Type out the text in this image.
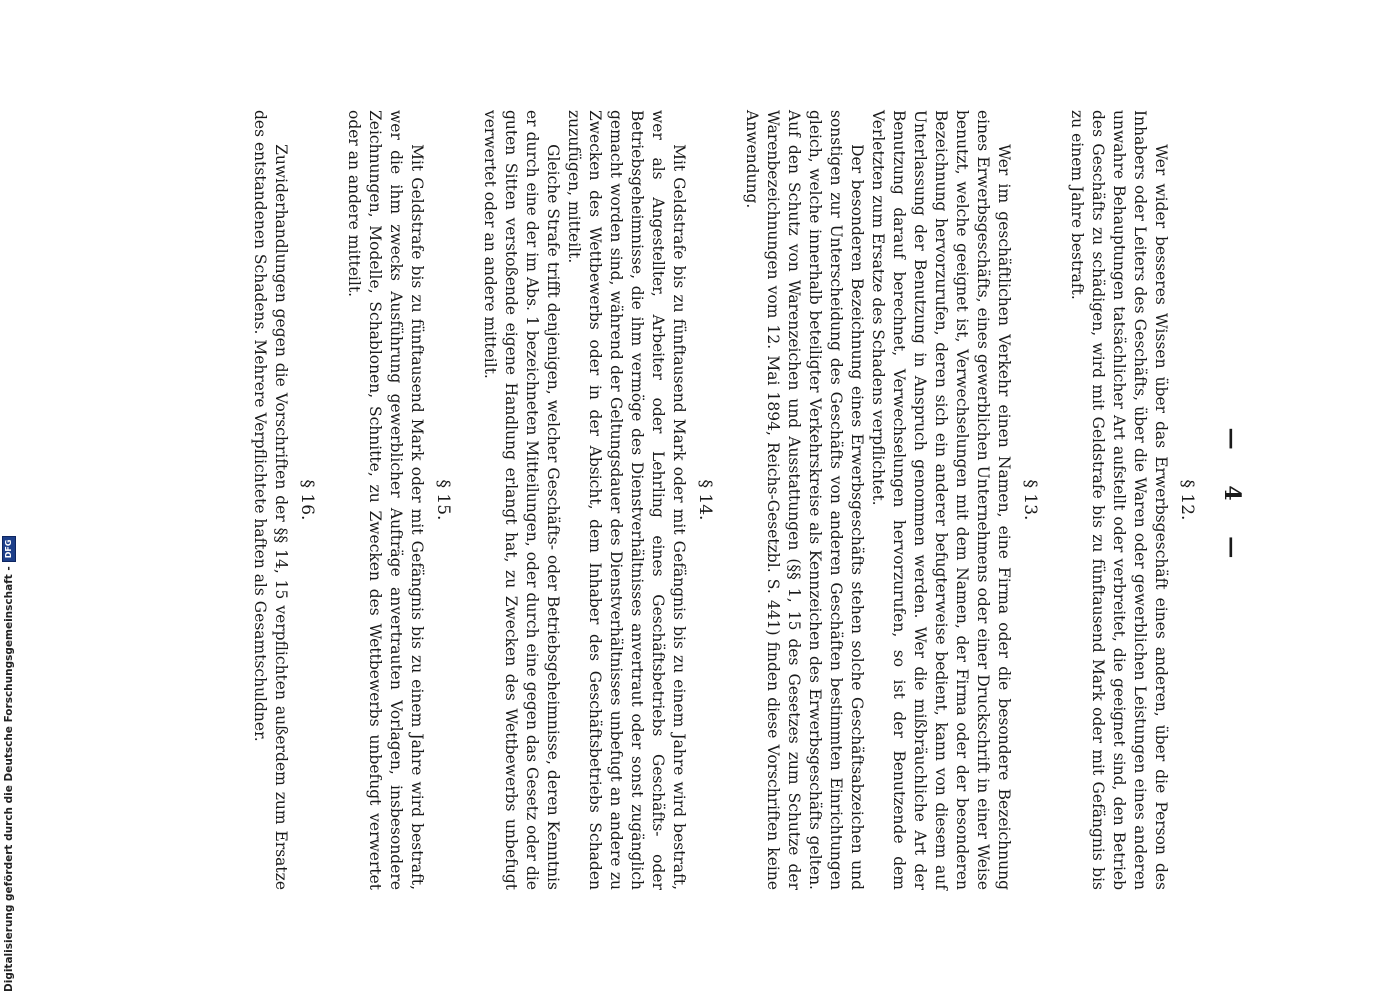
— 4 —
§ 12.

Wer wider besseres Wissen über das Erwerbsgeschäft eines anderen, über die Person des Inhabers oder Leiters des Geschäfts, über die Waren oder gewerblichen Leistungen eines anderen unwahre Behauptungen tatsächlicher Art aufstellt oder verbreitet, die geeignet sind, den Betrieb des Geschäfts zu schädigen, wird mit Geldstrafe bis zu fünftausend Mark oder mit Gefängnis bis zu einem Jahre bestraft.

§ 13.

Wer im geschäftlichen Verkehr einen Namen, eine Firma oder die besondere Bezeichnung eines Erwerbsgeschäfts, eines gewerblichen Unternehmens oder einer Druckschrift in einer Weise benutzt, welche geeignet ist, Verwechselungen mit dem Namen, der Firma oder der besonderen Bezeichnung hervorzurufen, deren sich ein anderer befugterweise bedient, kann von diesem auf Unterlassung der Benutzung in Anspruch genommen werden. Wer die mißbräuchliche Art der Benutzung darauf berechnet, Verwechselungen hervorzurufen, so ist der Benutzende dem Verletzten zum Ersatze des Schadens verpflichtet.

Der besonderen Bezeichnung eines Erwerbsgeschäfts stehen solche Geschäftsabzeichen und sonstigen zur Unterscheidung des Geschäfts von anderen Geschäften bestimmten Einrichtungen gleich, welche innerhalb beteiligter Verkehrskreise als Kennzeichen des Erwerbsgeschäfts gelten. Auf den Schutz von Warenzeichen und Ausstattungen (§§ 1, 15 des Gesetzes zum Schutze der Warenbezeichnungen vom 12. Mai 1894, Reichs-Gesetzbl. S. 441) finden diese Vorschriften keine Anwendung.

§ 14.

Mit Geldstrafe bis zu fünftausend Mark oder mit Gefängnis bis zu einem Jahre wird bestraft, wer als Angestellter, Arbeiter oder Lehrling eines Geschäftsbetriebs Geschäfts- oder Betriebsgeheimnisse, die ihm vermöge des Dienstverhältnisses anvertraut oder sonst zugänglich gemacht worden sind, während der Geltungsdauer des Dienstverhältnisses unbefugt an andere zu Zwecken des Wettbewerbs oder in der Absicht, dem Inhaber des Geschäftsbetriebs Schaden zuzufügen, mitteilt.

Gleiche Strafe trifft denjenigen, welcher Geschäfts- oder Betriebsgeheimnisse, deren Kenntnis er durch eine der im Abs. 1 bezeichneten Mitteilungen, oder durch eine gegen das Gesetz oder die guten Sitten verstoßende eigene Handlung erlangt hat, zu Zwecken des Wettbewerbs unbefugt verwertet oder an andere mitteilt.

§ 15.

Mit Geldstrafe bis zu fünftausend Mark oder mit Gefängnis bis zu einem Jahre wird bestraft, wer die ihm zwecks Ausführung gewerblicher Aufträge anvertrauten Vorlagen, insbesondere Zeichnungen, Modelle, Schablonen, Schnitte, zu Zwecken des Wettbewerbs unbefugt verwertet oder an andere mitteilt.

§ 16.

Zuwiderhandlungen gegen die Vorschriften der §§ 14, 15 verpflichten außerdem zum Ersatze des entstandenen Schadens. Mehrere Verpflichtete haften als Gesamtschuldner.

Digitalisierung gefördert durch die Deutsche Forschungsgemeinschaft -
DFG
